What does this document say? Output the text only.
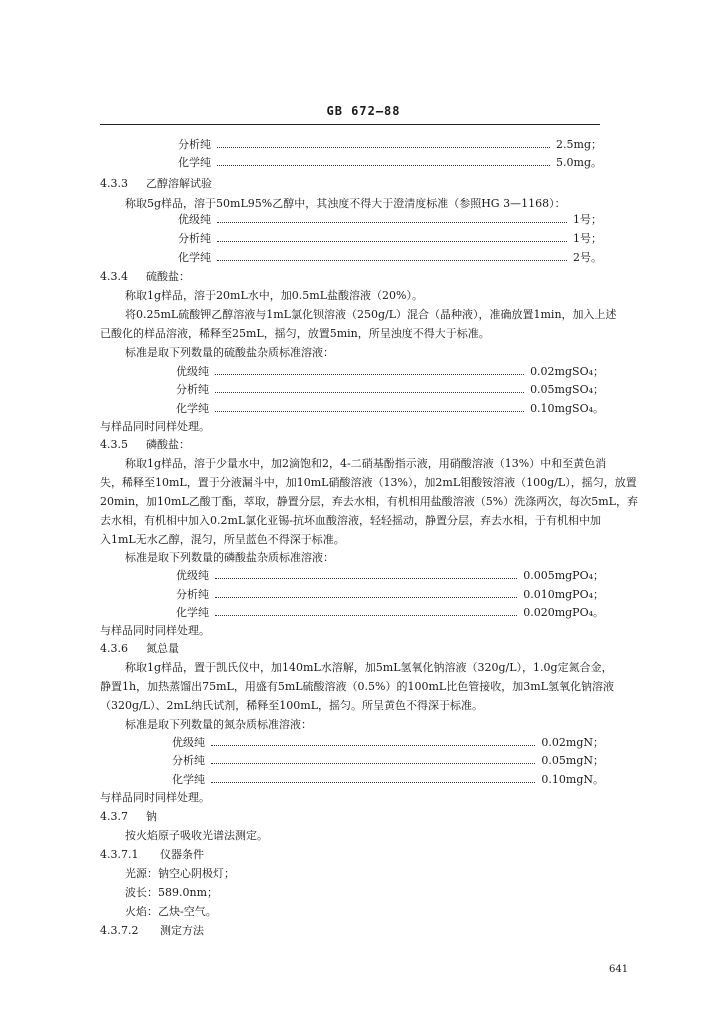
GB 672—88
分析纯	2.5mg；
化学纯	5.0mg。
4.3.3 乙醇溶解试验
称取5g样品，溶于50mL95%乙醇中，其浊度不得大于澄清度标准（参照HG 3—1168）：
优级纯	1号；
分析纯	1号；
化学纯	2号。
4.3.4 硫酸盐：
称取1g样品，溶于20mL水中，加0.5mL盐酸溶液（20%）。
将0.25mL硫酸钾乙醇溶液与1mL氯化钡溶液（250g/L）混合（晶种液），准确放置1min，加入上述
已酸化的样品溶液，稀释至25mL，摇匀，放置5min，所呈浊度不得大于标准。
标准是取下列数量的硫酸盐杂质标准溶液：
优级纯	0.02mgSO₄；
分析纯	0.05mgSO₄；
化学纯	0.10mgSO₄。
与样品同时同样处理。
4.3.5 磷酸盐：
称取1g样品，溶于少量水中，加2滴饱和2，4-二硝基酚指示液，用硝酸溶液（13%）中和至黄色消
失，稀释至10mL，置于分液漏斗中，加10mL硝酸溶液（13%），加2mL钼酸铵溶液（100g/L），摇匀，放置
20min，加10mL乙酸丁酯，萃取，静置分层，弃去水相，有机相用盐酸溶液（5%）洗涤两次，每次5mL，弃
去水相，有机相中加入0.2mL氯化亚锡-抗坏血酸溶液，轻轻摇动，静置分层，弃去水相，于有机相中加
入1mL无水乙醇，混匀，所呈蓝色不得深于标准。
标准是取下列数量的磷酸盐杂质标准溶液：
优级纯	0.005mgPO₄；
分析纯	0.010mgPO₄；
化学纯	0.020mgPO₄。
与样品同时同样处理。
4.3.6 氮总量
称取1g样品，置于凯氏仪中，加140mL水溶解，加5mL氢氧化钠溶液（320g/L），1.0g定氮合金，
静置1h，加热蒸馏出75mL，用盛有5mL硫酸溶液（0.5%）的100mL比色管接收，加3mL氢氧化钠溶液
（320g/L）、2mL纳氏试剂，稀释至100mL，摇匀。所呈黄色不得深于标准。
标准是取下列数量的氮杂质标准溶液：
优级纯	0.02mgN；
分析纯	0.05mgN；
化学纯	0.10mgN。
与样品同时同样处理。
4.3.7 钠
按火焰原子吸收光谱法测定。
4.3.7.1 仪器条件
光源：钠空心阴极灯；
波长：589.0nm；
火焰：乙炔-空气。
4.3.7.2 测定方法
641
